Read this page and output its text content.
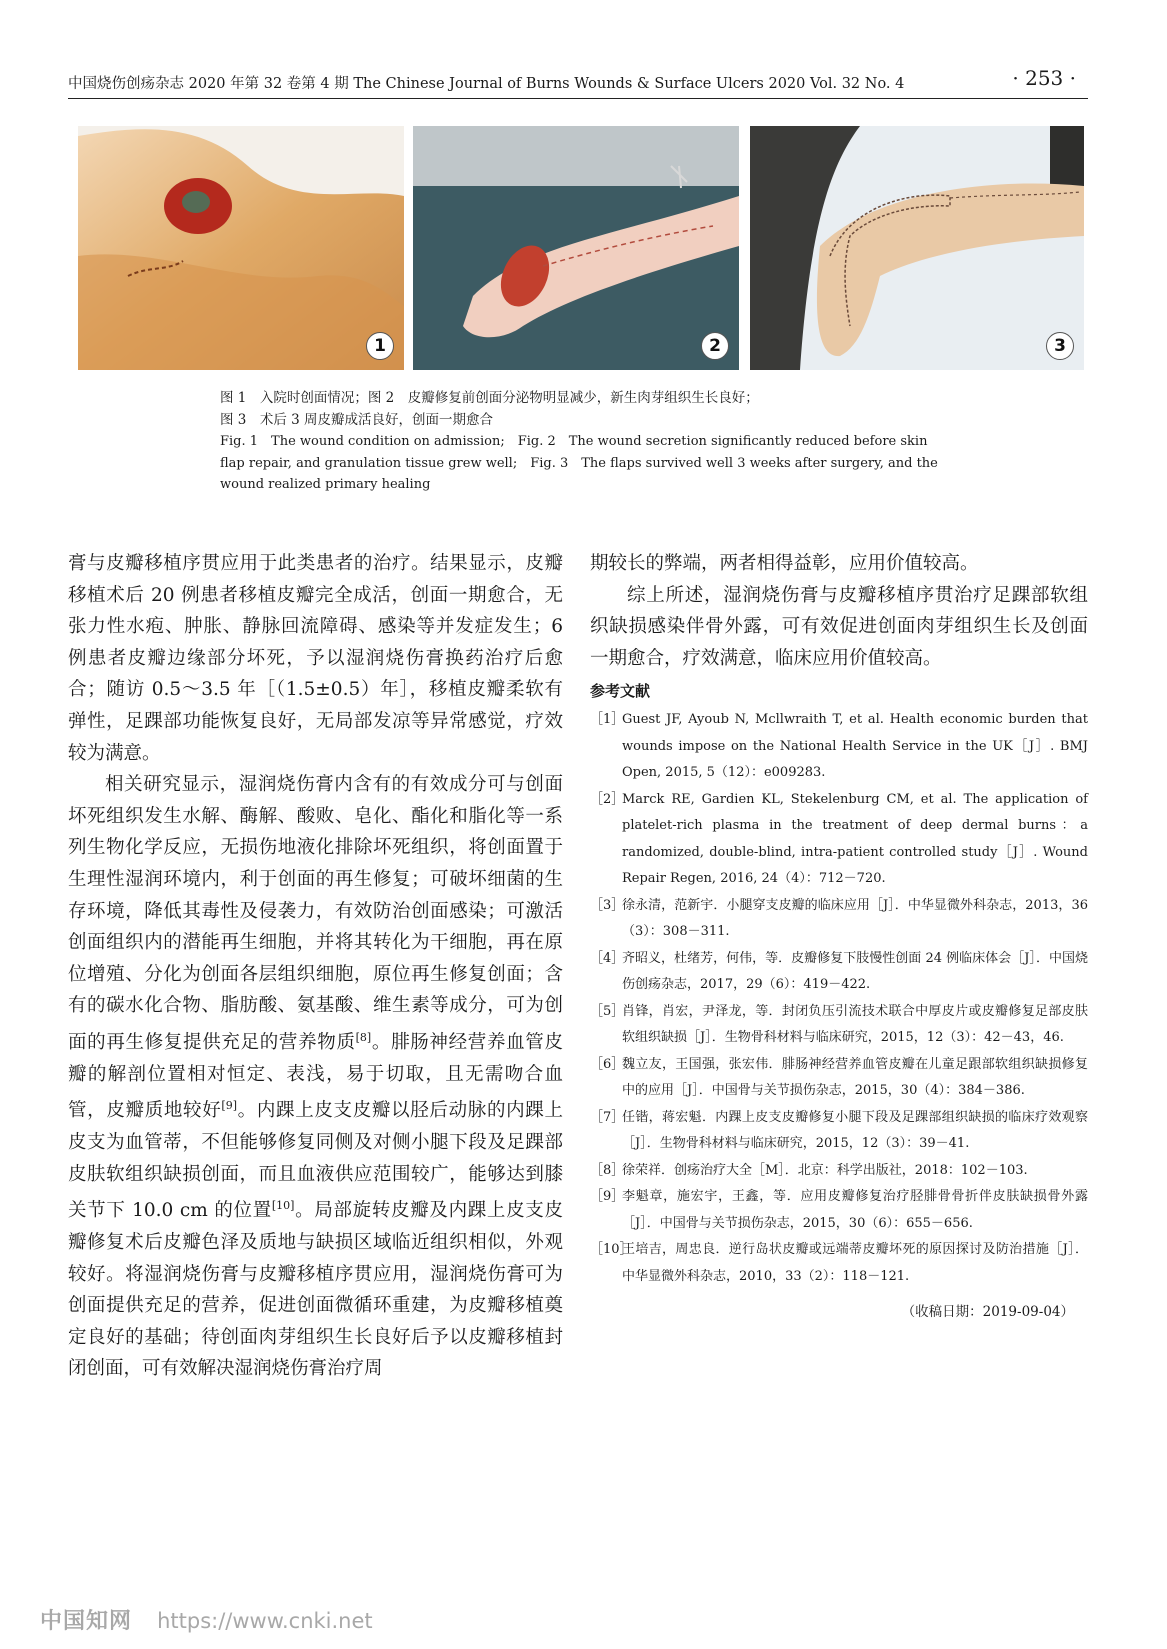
中国烧伤创疡杂志 2020 年第 32 卷第 4 期 The Chinese Journal of Burns Wounds & Surface Ulcers 2020 Vol. 32 No. 4	· 253 ·
1	2	3

图 1　入院时创面情况；图 2　皮瓣修复前创面分泌物明显减少，新生肉芽组织生长良好；

图 3　术后 3 周皮瓣成活良好，创面一期愈合

Fig. 1　The wound condition on admission;　Fig. 2　The wound secretion significantly reduced before skin flap repair, and granulation tissue grew well;　Fig. 3　The flaps survived well 3 weeks after surgery, and the wound realized primary healing

膏与皮瓣移植序贯应用于此类患者的治疗。结果显示，皮瓣移植术后 20 例患者移植皮瓣完全成活，创面一期愈合，无张力性水疱、肿胀、静脉回流障碍、感染等并发症发生；6 例患者皮瓣边缘部分坏死，予以湿润烧伤膏换药治疗后愈合；随访 0.5～3.5 年［（1.5±0.5）年］，移植皮瓣柔软有弹性，足踝部功能恢复良好，无局部发凉等异常感觉，疗效较为满意。

相关研究显示，湿润烧伤膏内含有的有效成分可与创面坏死组织发生水解、酶解、酸败、皂化、酯化和脂化等一系列生物化学反应，无损伤地液化排除坏死组织，将创面置于生理性湿润环境内，利于创面的再生修复；可破坏细菌的生存环境，降低其毒性及侵袭力，有效防治创面感染；可激活创面组织内的潜能再生细胞，并将其转化为干细胞，再在原位增殖、分化为创面各层组织细胞，原位再生修复创面；含有的碳水化合物、脂肪酸、氨基酸、维生素等成分，可为创面的再生修复提供充足的营养物质[8]。腓肠神经营养血管皮瓣的解剖位置相对恒定、表浅，易于切取，且无需吻合血管，皮瓣质地较好[9]。内踝上皮支皮瓣以胫后动脉的内踝上皮支为血管蒂，不但能够修复同侧及对侧小腿下段及足踝部皮肤软组织缺损创面，而且血液供应范围较广，能够达到膝关节下 10.0 cm 的位置[10]。局部旋转皮瓣及内踝上皮支皮瓣修复术后皮瓣色泽及质地与缺损区域临近组织相似，外观较好。将湿润烧伤膏与皮瓣移植序贯应用，湿润烧伤膏可为创面提供充足的营养，促进创面微循环重建，为皮瓣移植奠定良好的基础；待创面肉芽组织生长良好后予以皮瓣移植封闭创面，可有效解决湿润烧伤膏治疗周

期较长的弊端，两者相得益彰，应用价值较高。

综上所述，湿润烧伤膏与皮瓣移植序贯治疗足踝部软组织缺损感染伴骨外露，可有效促进创面肉芽组织生长及创面一期愈合，疗效满意，临床应用价值较高。

参考文献
［1］
Guest JF, Ayoub N, Mcllwraith T, et al. Health economic burden that wounds impose on the National Health Service in the UK［J］. BMJ Open, 2015, 5（12）：e009283.
［2］
Marck RE, Gardien KL, Stekelenburg CM, et al. The application of platelet-rich plasma in the treatment of deep dermal burns：a randomized, double-blind, intra-patient controlled study［J］. Wound Repair Regen, 2016, 24（4）：712－720.
［3］
徐永清，范新宇．小腿穿支皮瓣的临床应用［J］．中华显微外科杂志，2013，36（3）：308－311.
［4］
齐昭义，杜绪芳，何伟，等．皮瓣修复下肢慢性创面 24 例临床体会［J］．中国烧伤创疡杂志，2017，29（6）：419－422.
［5］
肖锋，肖宏，尹泽龙，等．封闭负压引流技术联合中厚皮片或皮瓣修复足部皮肤软组织缺损［J］．生物骨科材料与临床研究，2015，12（3）：42－43，46.
［6］
魏立友，王国强，张宏伟．腓肠神经营养血管皮瓣在儿童足跟部软组织缺损修复中的应用［J］．中国骨与关节损伤杂志，2015，30（4）：384－386.
［7］
任锴，蒋宏魁．内踝上皮支皮瓣修复小腿下段及足踝部组织缺损的临床疗效观察［J］．生物骨科材料与临床研究，2015，12（3）：39－41.
［8］
徐荣祥．创疡治疗大全［M］．北京：科学出版社，2018：102－103.
［9］
李魁章，施宏宇，王鑫，等．应用皮瓣修复治疗胫腓骨骨折伴皮肤缺损骨外露［J］．中国骨与关节损伤杂志，2015，30（6）：655－656.
［10］
王培吉，周忠良．逆行岛状皮瓣或远端蒂皮瓣坏死的原因探讨及防治措施［J］．中华显微外科杂志，2010，33（2）：118－121.
（收稿日期：2019-09-04）
中国知网 https://www.cnki.net
